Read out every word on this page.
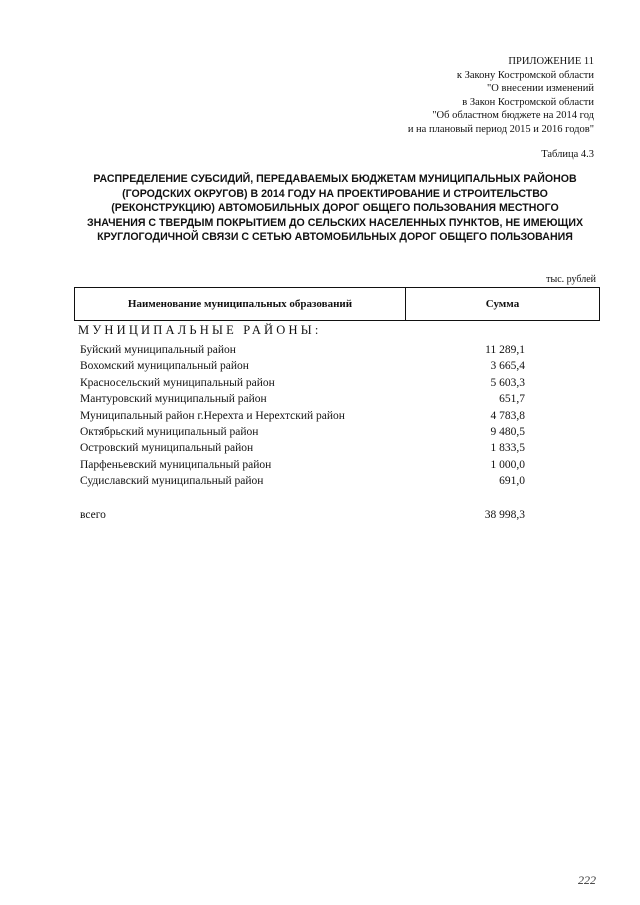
ПРИЛОЖЕНИЕ 11
к Закону Костромской области
"О внесении изменений
в Закон Костромской области
"Об областном бюджете на 2014 год
и на плановый период 2015 и 2016 годов"
Таблица 4.3
РАСПРЕДЕЛЕНИЕ СУБСИДИЙ, ПЕРЕДАВАЕМЫХ БЮДЖЕТАМ МУНИЦИПАЛЬНЫХ РАЙОНОВ
(ГОРОДСКИХ ОКРУГОВ) В 2014 ГОДУ НА ПРОЕКТИРОВАНИЕ И СТРОИТЕЛЬСТВО
(РЕКОНСТРУКЦИЮ) АВТОМОБИЛЬНЫХ ДОРОГ ОБЩЕГО ПОЛЬЗОВАНИЯ МЕСТНОГО
ЗНАЧЕНИЯ С ТВЕРДЫМ ПОКРЫТИЕМ ДО СЕЛЬСКИХ НАСЕЛЕННЫХ ПУНКТОВ, НЕ ИМЕЮЩИХ
КРУГЛОГОДИЧНОЙ СВЯЗИ С СЕТЬЮ АВТОМОБИЛЬНЫХ ДОРОГ ОБЩЕГО ПОЛЬЗОВАНИЯ
тыс. рублей
Наименование муниципальных образований	Сумма
МУНИЦИПАЛЬНЫЕ РАЙОНЫ:
Буйский муниципальный район	11 289,1
Вохомский муниципальный район	3 665,4
Красносельский муниципальный район	5 603,3
Мантуровский муниципальный район	651,7
Муниципальный район г.Нерехта и Нерехтский район	4 783,8
Октябрьский муниципальный район	9 480,5
Островский муниципальный район	1 833,5
Парфеньевский муниципальный район	1 000,0
Судиславский муниципальный район	691,0
всего	38 998,3
222
